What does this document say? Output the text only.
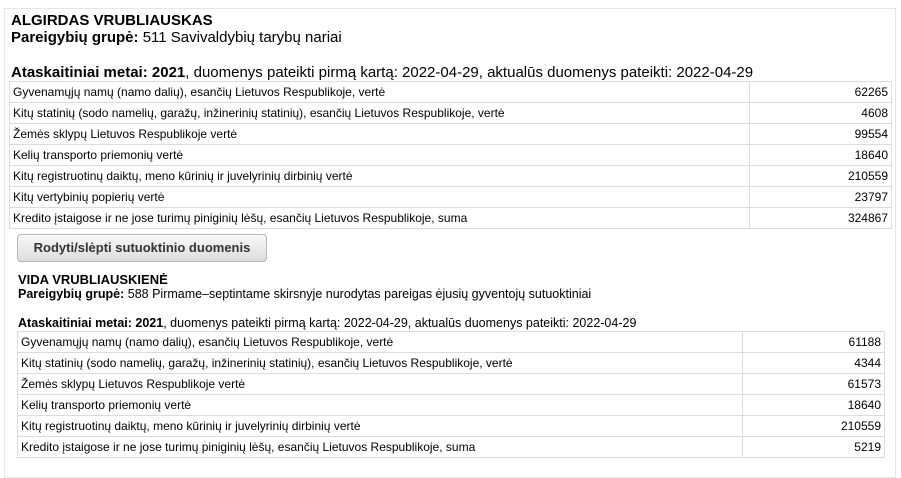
ALGIRDAS VRUBLIAUSKAS
Pareigybių grupė: 511 Savivaldybių tarybų nariai
Ataskaitiniai metai: 2021, duomenys pateikti pirmą kartą: 2022-04-29, aktualūs duomenys pateikti: 2022-04-29
Gyvenamųjų namų (namo dalių), esančių Lietuvos Respublikoje, vertė	62265
Kitų statinių (sodo namelių, garažų, inžinerinių statinių), esančių Lietuvos Respublikoje, vertė	4608
Žemės sklypų Lietuvos Respublikoje vertė	99554
Kelių transporto priemonių vertė	18640
Kitų registruotinų daiktų, meno kūrinių ir juvelyrinių dirbinių vertė	210559
Kitų vertybinių popierių vertė	23797
Kredito įstaigose ir ne jose turimų piniginių lėšų, esančių Lietuvos Respublikoje, suma	324867
Rodyti/slėpti sutuoktinio duomenis
VIDA VRUBLIAUSKIENĖ
Pareigybių grupė: 588 Pirmame–septintame skirsnyje nurodytas pareigas ėjusių gyventojų sutuoktiniai
Ataskaitiniai metai: 2021, duomenys pateikti pirmą kartą: 2022-04-29, aktualūs duomenys pateikti: 2022-04-29
Gyvenamųjų namų (namo dalių), esančių Lietuvos Respublikoje, vertė	61188
Kitų statinių (sodo namelių, garažų, inžinerinių statinių), esančių Lietuvos Respublikoje, vertė	4344
Žemės sklypų Lietuvos Respublikoje vertė	61573
Kelių transporto priemonių vertė	18640
Kitų registruotinų daiktų, meno kūrinių ir juvelyrinių dirbinių vertė	210559
Kredito įstaigose ir ne jose turimų piniginių lėšų, esančių Lietuvos Respublikoje, suma	5219
